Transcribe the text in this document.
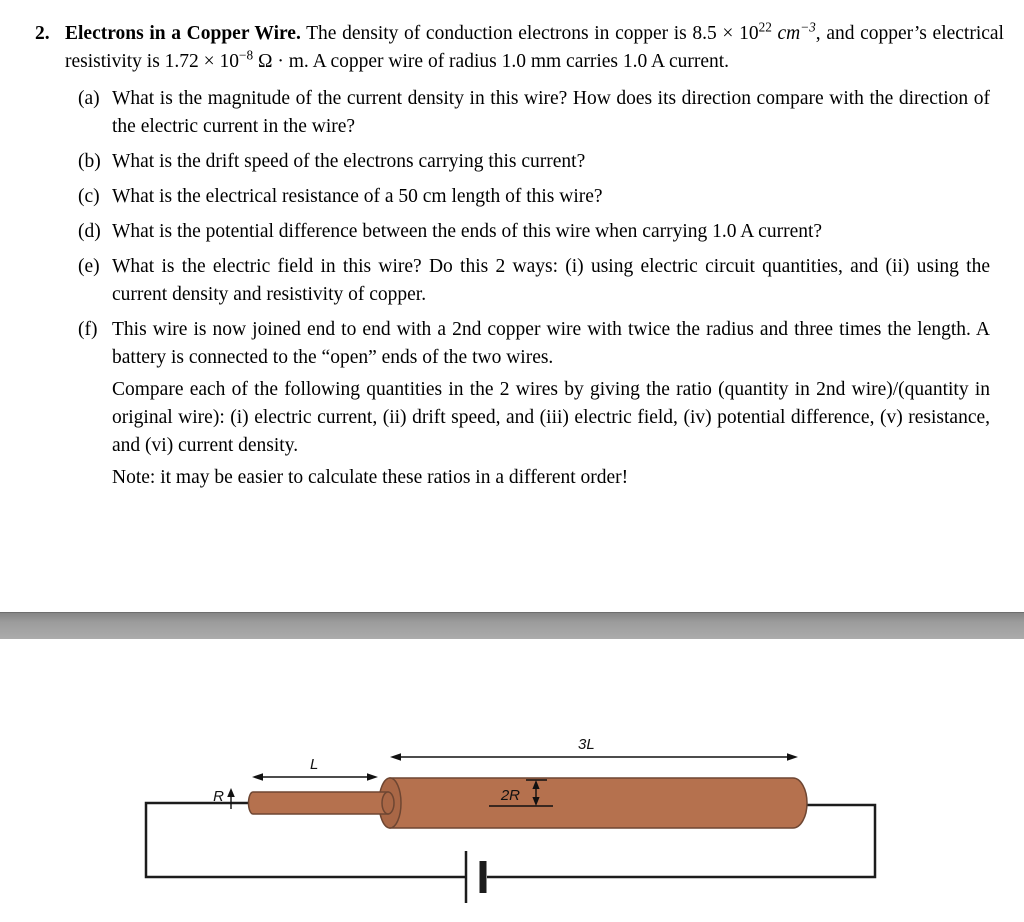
2. Electrons in a Copper Wire. The density of conduction electrons in copper is $8.5 \times 10^{22}$ $cm^{-3}$, and copper’s electrical resistivity is $1.72 \times 10^{-8}$ Ω · m. A copper wire of radius 1.0 mm carries 1.0 A current.

(a) What is the magnitude of the current density in this wire? How does its direction compare with the direction of the electric current in the wire?
(b) What is the drift speed of the electrons carrying this current?
(c) What is the electrical resistance of a 50 cm length of this wire?
(d) What is the potential difference between the ends of this wire when carrying 1.0 A current?
(e) What is the electric field in this wire? Do this 2 ways: (i) using electric circuit quantities, and (ii) using the current density and resistivity of copper.
(f) This wire is now joined end to end with a 2nd copper wire with twice the radius and three times the length. A battery is connected to the “open” ends of the two wires.
Compare each of the following quantities in the 2 wires by giving the ratio (quantity in 2nd wire)/(quantity in original wire): (i) electric current, (ii) drift speed, and (iii) electric field, (iv) potential difference, (v) resistance, and (vi) current density.
Note: it may be easier to calculate these ratios in a different order!
L
3L
R	2R
